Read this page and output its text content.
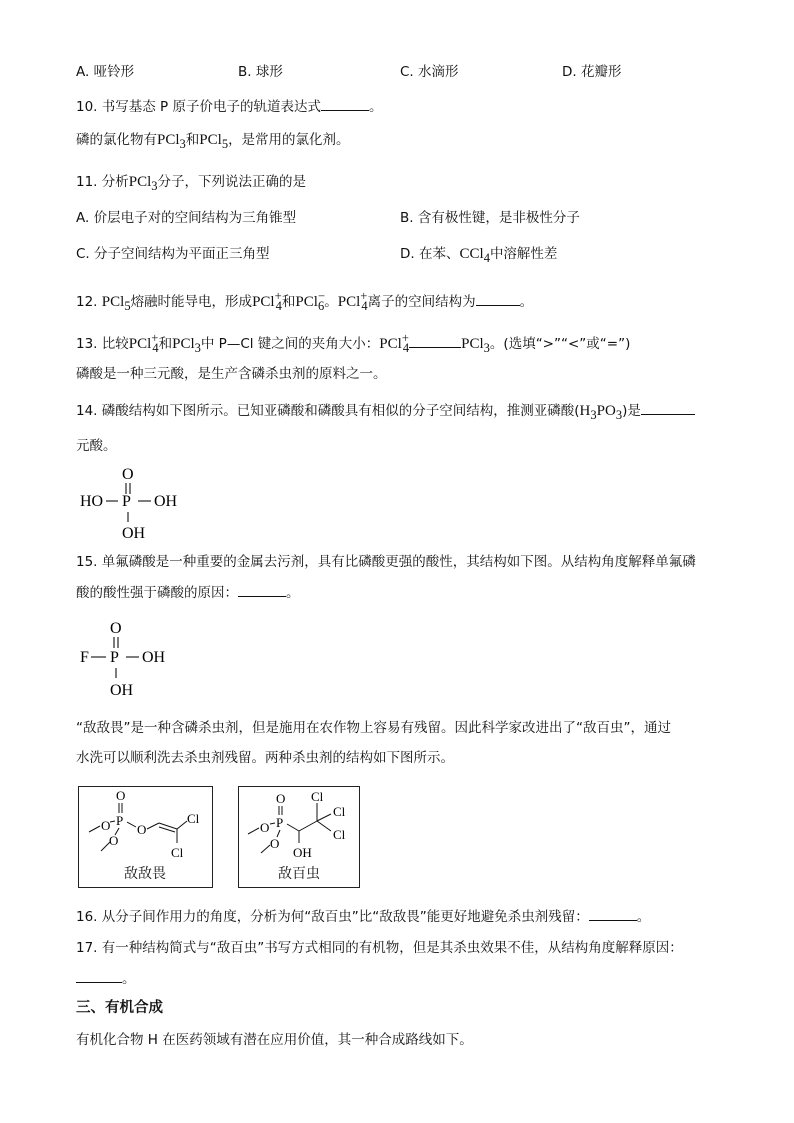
A. 哑铃形	B. 球形	C. 水滴形	D. 花瓣形
10. 书写基态 P 原子价电子的轨道表达式	。
磷的氯化物有PCl$_3$和PCl$_5$，是常用的氯化剂。
11. 分析PCl$_3$分子，下列说法正确的是
A. 价层电子对的空间结构为三角锥型	B. 含有极性键，是非极性分子
C. 分子空间结构为平面正三角型	D. 在苯、CCl$_4$中溶解性差
12. PCl$_5$熔融时能导电，形成PCl+$_4$和PCl−$_6$。PCl+$_4$离子的空间结构为	。
13. 比较PCl+$_4$和PCl$_3$中 P—Cl 键之间的夹角大小：PCl+$_4$	PCl$_3$。(选填“>”“<”或“=”)
磷酸是一种三元酸，是生产含磷杀虫剂的原料之一。
14. 磷酸结构如下图所示。已知亚磷酸和磷酸具有相似的分子空间结构，推测亚磷酸$(H_3PO_3)$是
元酸。
O
HO P OH
OH
15. 单氟磷酸是一种重要的金属去污剂，具有比磷酸更强的酸性，其结构如下图。从结构角度解释单氟磷
酸的酸性强于磷酸的原因：	。
O
F P OH
OH
“敌敌畏”是一种含磷杀虫剂，但是施用在农作物上容易有残留。因此科学家改进出了“敌百虫”，通过
水洗可以顺利洗去杀虫剂残留。两种杀虫剂的结构如下图所示。
O
P
O
O
O
Cl
Cl
敌敌畏
O
P
O
O
OH
Cl
Cl
Cl
敌百虫
16. 从分子间作用力的角度，分析为何“敌百虫”比“敌敌畏”能更好地避免杀虫剂残留：	。
17. 有一种结构简式与“敌百虫”书写方式相同的有机物，但是其杀虫效果不佳，从结构角度解释原因：
。
三、有机合成
有机化合物 H 在医药领域有潜在应用价值，其一种合成路线如下。
